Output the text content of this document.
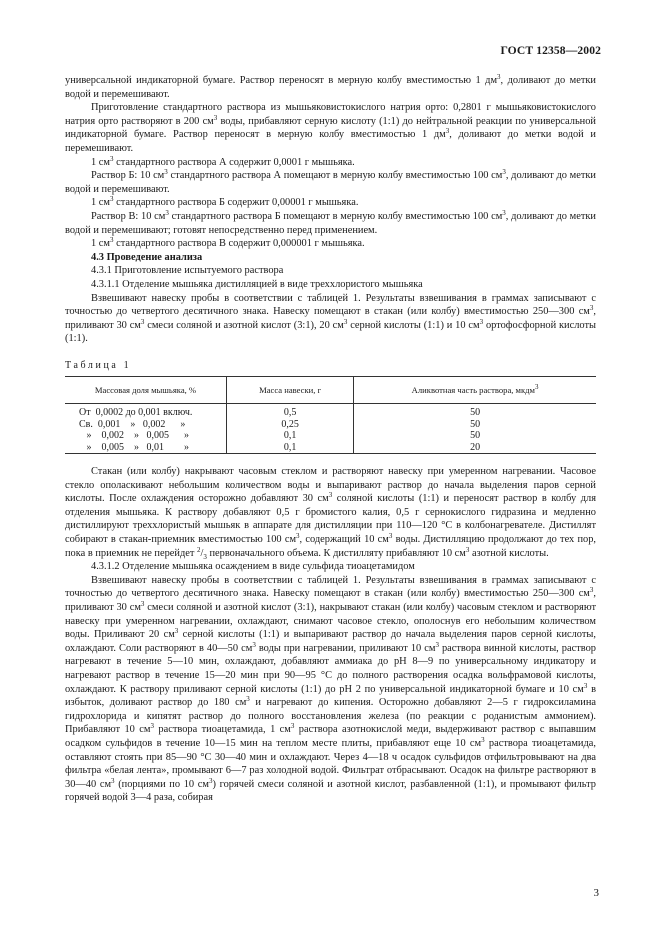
ГОСТ 12358—2002

универсальной индикаторной бумаге. Раствор переносят в мерную колбу вместимостью 1 $дм^3$, доливают до метки водой и перемешивают.

Приготовление стандартного раствора из мышьяковистокислого натрия орто: 0,2801 г мышьяковистокислого натрия орто растворяют в 200 $см^3$ воды, прибавляют серную кислоту (1:1) до нейтральной реакции по универсальной индикаторной бумаге. Раствор переносят в мерную колбу вместимостью 1 $дм^3$, доливают до метки водой и перемешивают.

1 $см^3$ стандартного раствора А содержит 0,0001 г мышьяка.

Раствор Б: 10 $см^3$ стандартного раствора А помещают в мерную колбу вместимостью 100 $см^3$, доливают до метки водой и перемешивают.

1 $см^3$ стандартного раствора Б содержит 0,00001 г мышьяка.

Раствор В: 10 $см^3$ стандартного раствора Б помещают в мерную колбу вместимостью 100 $см^3$, доливают до метки водой и перемешивают; готовят непосредственно перед применением.

1 $см^3$ стандартного раствора В содержит 0,000001 г мышьяка.

4.3 Проведение анализа

4.3.1 Приготовление испытуемого раствора

4.3.1.1 Отделение мышьяка дистилляцией в виде треххлористого мышьяка

Взвешивают навеску пробы в соответствии с таблицей 1. Результаты взвешивания в граммах записывают с точностью до четвертого десятичного знака. Навеску помещают в стакан (или колбу) вместимостью 250—300 $см^3$, приливают 30 $см^3$ смеси соляной и азотной кислот (3:1), 20 $см^3$ серной кислоты (1:1) и 10 $см^3$ ортофосфорной кислоты (1:1).

Таблица 1
Массовая доля мышьяка, %	Масса навески, г	Аликвотная часть раствора, мкдм$^3$
От  0,0002 до 0,001 включ.	0,5	50
Св.  0,001    »   0,002      »	0,25	50
»    0,002    »   0,005      »	0,1	50
»    0,005    »   0,01        »	0,1	20

Стакан (или колбу) накрывают часовым стеклом и растворяют навеску при умеренном нагревании. Часовое стекло ополаскивают небольшим количеством воды и выпаривают раствор до начала выделения паров серной кислоты. После охлаждения осторожно добавляют 30 $см^3$ соляной кислоты (1:1) и переносят раствор в колбу для отделения мышьяка. К раствору добавляют 0,5 г бромистого калия, 0,5 г сернокислого гидразина и медленно дистиллируют треххлористый мышьяк в аппарате для дистилляции при 110—120 °С в колбонагревателе. Дистиллят собирают в стакан-приемник вместимостью 100 $см^3$, содержащий 10 $см^3$ воды. Дистилляцию продолжают до тех пор, пока в приемник не перейдет $^2/_3$ первоначального объема. К дистилляту прибавляют 10 $см^3$ азотной кислоты.

4.3.1.2 Отделение мышьяка осаждением в виде сульфида тиоацетамидом

Взвешивают навеску пробы в соответствии с таблицей 1. Результаты взвешивания в граммах записывают с точностью до четвертого десятичного знака. Навеску помещают в стакан (или колбу) вместимостью 250—300 $см^3$, приливают 30 $см^3$ смеси соляной и азотной кислот (3:1), накрывают стакан (или колбу) часовым стеклом и растворяют навеску при умеренном нагревании, охлаждают, снимают часовое стекло, ополоснув его небольшим количеством воды. Приливают 20 $см^3$ серной кислоты (1:1) и выпаривают раствор до начала выделения паров серной кислоты, охлаждают. Соли растворяют в 40—50 $см^3$ воды при нагревании, приливают 10 $см^3$ раствора винной кислоты, раствор нагревают в течение 5—10 мин, охлаждают, добавляют аммиака до рН 8—9 по универсальному индикатору и нагревают раствор в течение 15—20 мин при 90—95 °С до полного растворения осадка вольфрамовой кислоты, охлаждают. К раствору приливают серной кислоты (1:1) до рН 2 по универсальной индикаторной бумаге и 10 $см^3$ в избыток, доливают раствор до 180 $см^3$ и нагревают до кипения. Осторожно добавляют 2—5 г гидроксиламина гидрохлорида и кипятят раствор до полного восстановления железа (по реакции с роданистым аммонием). Прибавляют 10 $см^3$ раствора тиоацетамида, 1 $см^3$ раствора азотнокислой меди, выдерживают раствор с выпавшим осадком сульфидов в течение 10—15 мин на теплом месте плиты, прибавляют еще 10 $см^3$ раствора тиоацетамида, оставляют стоять при 85—90 °С 30—40 мин и охлаждают. Через 4—18 ч осадок сульфидов отфильтровывают на два фильтра «белая лента», промывают 6—7 раз холодной водой. Фильтрат отбрасывают. Осадок на фильтре растворяют в 30—40 $см^3$ (порциями по 10 $см^3$) горячей смеси соляной и азотной кислот, разбавленной (1:1), и промывают фильтр горячей водой 3—4 раза, собирая

3
